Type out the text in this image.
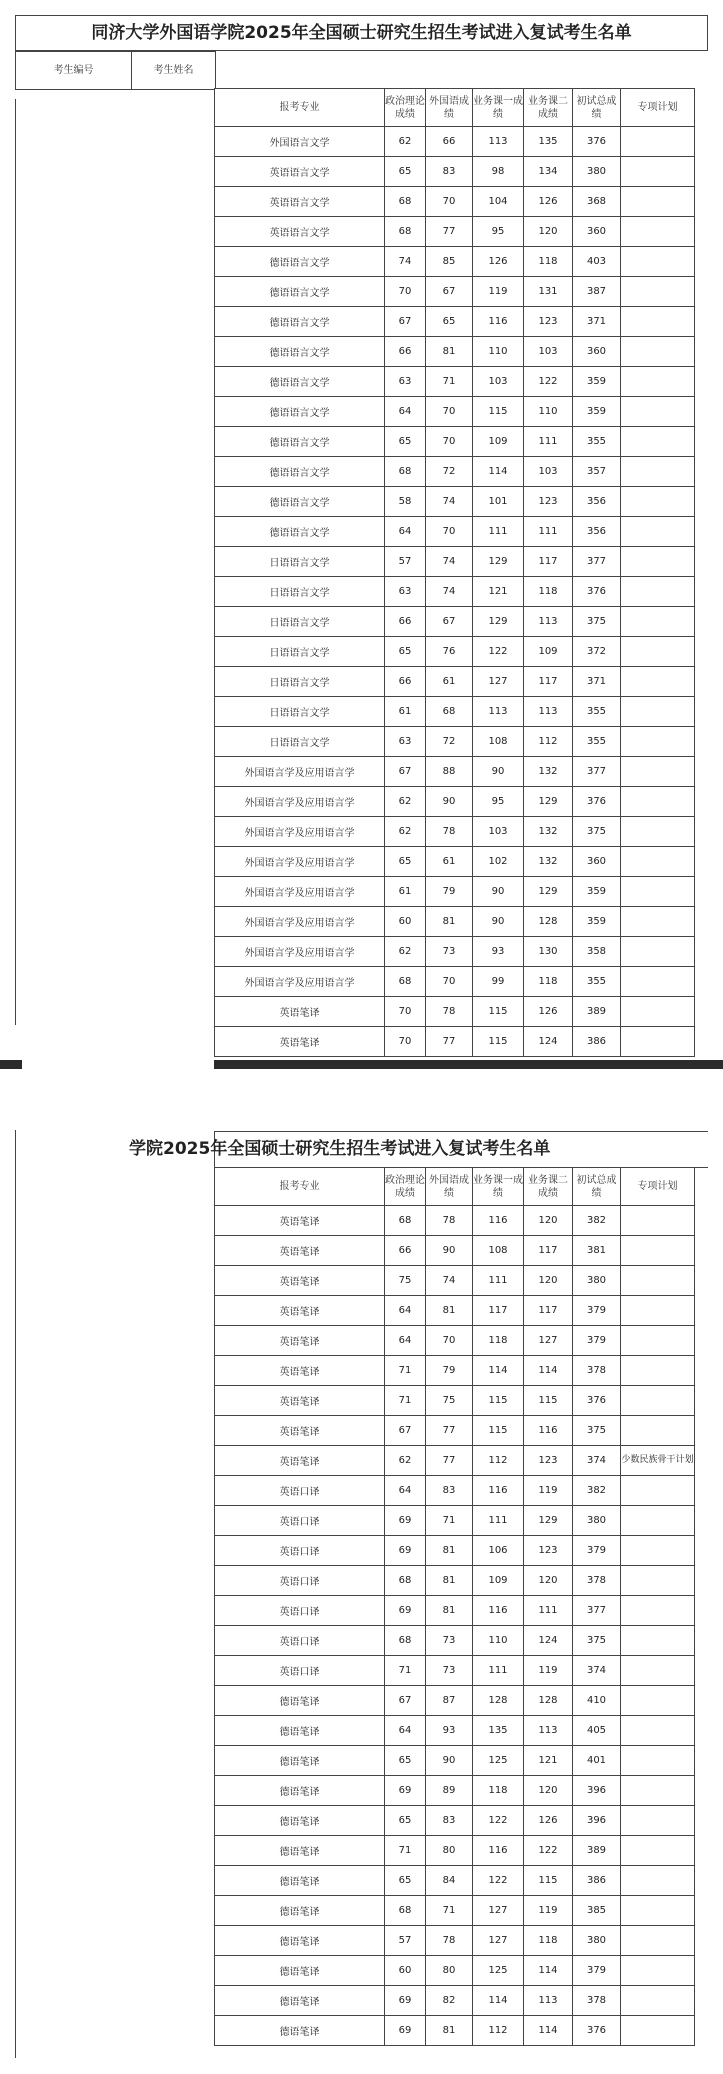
同济大学外国语学院2025年全国硕士研究生招生考试进入复试考生名单
考生编号	考生姓名
报考专业	政治理论成绩	外国语成绩	业务课一成绩	业务课二成绩	初试总成绩	专项计划
外国语言文学	62	66	113	135	376	
英语语言文学	65	83	98	134	380	
英语语言文学	68	70	104	126	368	
英语语言文学	68	77	95	120	360	
德语语言文学	74	85	126	118	403	
德语语言文学	70	67	119	131	387	
德语语言文学	67	65	116	123	371	
德语语言文学	66	81	110	103	360	
德语语言文学	63	71	103	122	359	
德语语言文学	64	70	115	110	359	
德语语言文学	65	70	109	111	355	
德语语言文学	68	72	114	103	357	
德语语言文学	58	74	101	123	356	
德语语言文学	64	70	111	111	356	
日语语言文学	57	74	129	117	377	
日语语言文学	63	74	121	118	376	
日语语言文学	66	67	129	113	375	
日语语言文学	65	76	122	109	372	
日语语言文学	66	61	127	117	371	
日语语言文学	61	68	113	113	355	
日语语言文学	63	72	108	112	355	
外国语言学及应用语言学	67	88	90	132	377	
外国语言学及应用语言学	62	90	95	129	376	
外国语言学及应用语言学	62	78	103	132	375	
外国语言学及应用语言学	65	61	102	132	360	
外国语言学及应用语言学	61	79	90	129	359	
外国语言学及应用语言学	60	81	90	128	359	
外国语言学及应用语言学	62	73	93	130	358	
外国语言学及应用语言学	68	70	99	118	355	
英语笔译	70	78	115	126	389	
英语笔译	70	77	115	124	386	
学院2025年全国硕士研究生招生考试进入复试考生名单
报考专业	政治理论成绩	外国语成绩	业务课一成绩	业务课二成绩	初试总成绩	专项计划
英语笔译	68	78	116	120	382	
英语笔译	66	90	108	117	381	
英语笔译	75	74	111	120	380	
英语笔译	64	81	117	117	379	
英语笔译	64	70	118	127	379	
英语笔译	71	79	114	114	378	
英语笔译	71	75	115	115	376	
英语笔译	67	77	115	116	375	
英语笔译	62	77	112	123	374	少数民族骨干计划
英语口译	64	83	116	119	382	
英语口译	69	71	111	129	380	
英语口译	69	81	106	123	379	
英语口译	68	81	109	120	378	
英语口译	69	81	116	111	377	
英语口译	68	73	110	124	375	
英语口译	71	73	111	119	374	
德语笔译	67	87	128	128	410	
德语笔译	64	93	135	113	405	
德语笔译	65	90	125	121	401	
德语笔译	69	89	118	120	396	
德语笔译	65	83	122	126	396	
德语笔译	71	80	116	122	389	
德语笔译	65	84	122	115	386	
德语笔译	68	71	127	119	385	
德语笔译	57	78	127	118	380	
德语笔译	60	80	125	114	379	
德语笔译	69	82	114	113	378	
德语笔译	69	81	112	114	376	
